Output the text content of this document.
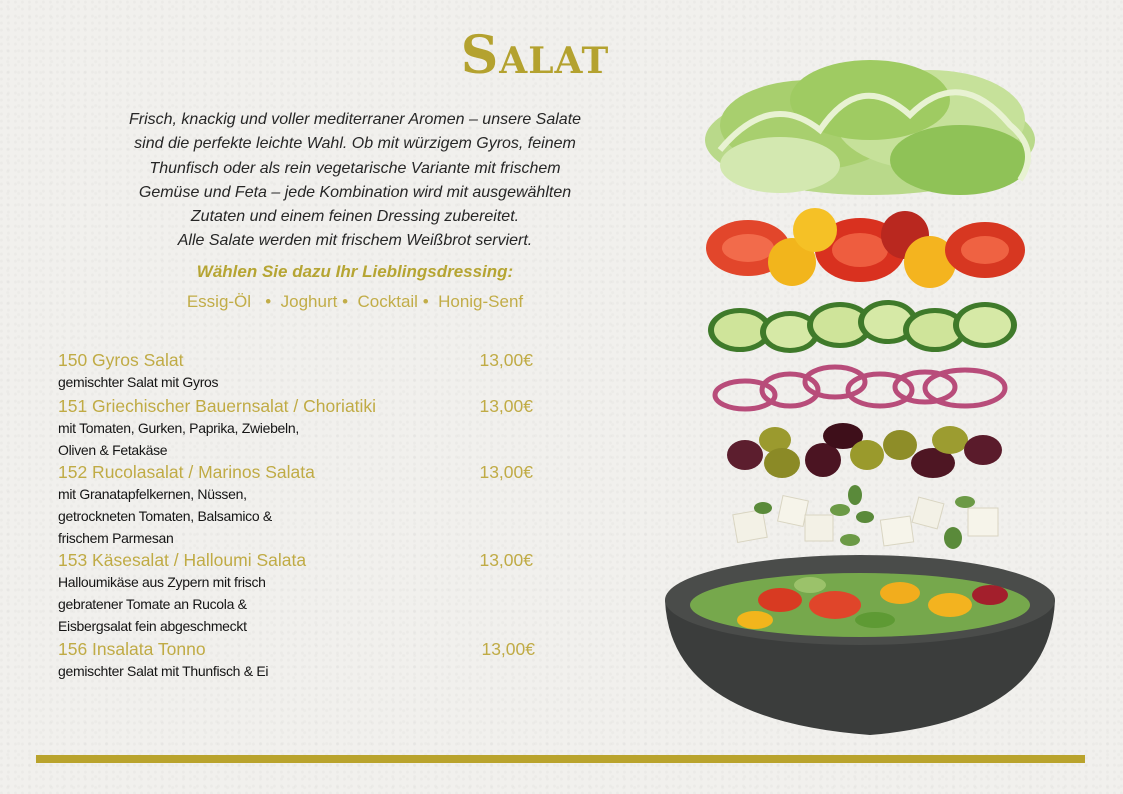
Salat
Frisch, knackig und voller mediterraner Aromen – unsere Salate
sind die perfekte leichte Wahl. Ob mit würzigem Gyros, feinem
Thunfisch oder als rein vegetarische Variante mit frischem
Gemüse und Feta – jede Kombination wird mit ausgewählten
Zutaten und einem feinen Dressing zubereitet.
Alle Salate werden mit frischem Weißbrot serviert.
Wählen Sie dazu Ihr Lieblingsdressing:
Essig-Öl • Joghurt • Cocktail • Honig-Senf
150 Gyros Salat	13,00€
gemischter Salat mit Gyros
151 Griechischer Bauernsalat / Choriatiki	13,00€
mit Tomaten, Gurken, Paprika, Zwiebeln,
Oliven & Fetakäse
152 Rucolasalat / Marinos Salata	13,00€
mit Granatapfelkernen, Nüssen,
getrockneten Tomaten, Balsamico &
frischem Parmesan
153 Käsesalat / Halloumi Salata	13,00€
Halloumikäse aus Zypern mit frisch
gebratener Tomate an Rucola &
Eisbergsalat fein abgeschmeckt
156 Insalata Tonno	13,00€
gemischter Salat mit Thunfisch & Ei
